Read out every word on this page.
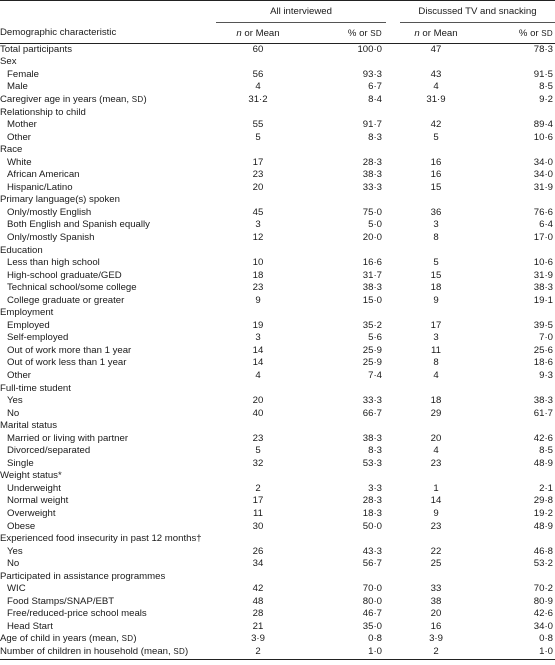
	All interviewed			Discussed TV and snacking	
Demographic characteristic	n or Mean	% or SD		n or Mean	% or SD
Total participants	60	100·0		47	78·3
Sex					
Female	56	93·3		43	91·5
Male	4	6·7		4	8·5
Caregiver age in years (mean, SD)	31·2	8·4		31·9	9·2
Relationship to child					
Mother	55	91·7		42	89·4
Other	5	8·3		5	10·6
Race					
White	17	28·3		16	34·0
African American	23	38·3		16	34·0
Hispanic/Latino	20	33·3		15	31·9
Primary language(s) spoken					
Only/mostly English	45	75·0		36	76·6
Both English and Spanish equally	3	5·0		3	6·4
Only/mostly Spanish	12	20·0		8	17·0
Education					
Less than high school	10	16·6		5	10·6
High-school graduate/GED	18	31·7		15	31·9
Technical school/some college	23	38·3		18	38·3
College graduate or greater	9	15·0		9	19·1
Employment					
Employed	19	35·2		17	39·5
Self-employed	3	5·6		3	7·0
Out of work more than 1 year	14	25·9		11	25·6
Out of work less than 1 year	14	25·9		8	18·6
Other	4	7·4		4	9·3
Full-time student					
Yes	20	33·3		18	38·3
No	40	66·7		29	61·7
Marital status					
Married or living with partner	23	38·3		20	42·6
Divorced/separated	5	8·3		4	8·5
Single	32	53·3		23	48·9
Weight status*					
Underweight	2	3·3		1	2·1
Normal weight	17	28·3		14	29·8
Overweight	11	18·3		9	19·2
Obese	30	50·0		23	48·9
Experienced food insecurity in past 12 months†					
Yes	26	43·3		22	46·8
No	34	56·7		25	53·2
Participated in assistance programmes					
WIC	42	70·0		33	70·2
Food Stamps/SNAP/EBT	48	80·0		38	80·9
Free/reduced-price school meals	28	46·7		20	42·6
Head Start	21	35·0		16	34·0
Age of child in years (mean, SD)	3·9	0·8		3·9	0·8
Number of children in household (mean, SD)	2	1·0		2	1·0
